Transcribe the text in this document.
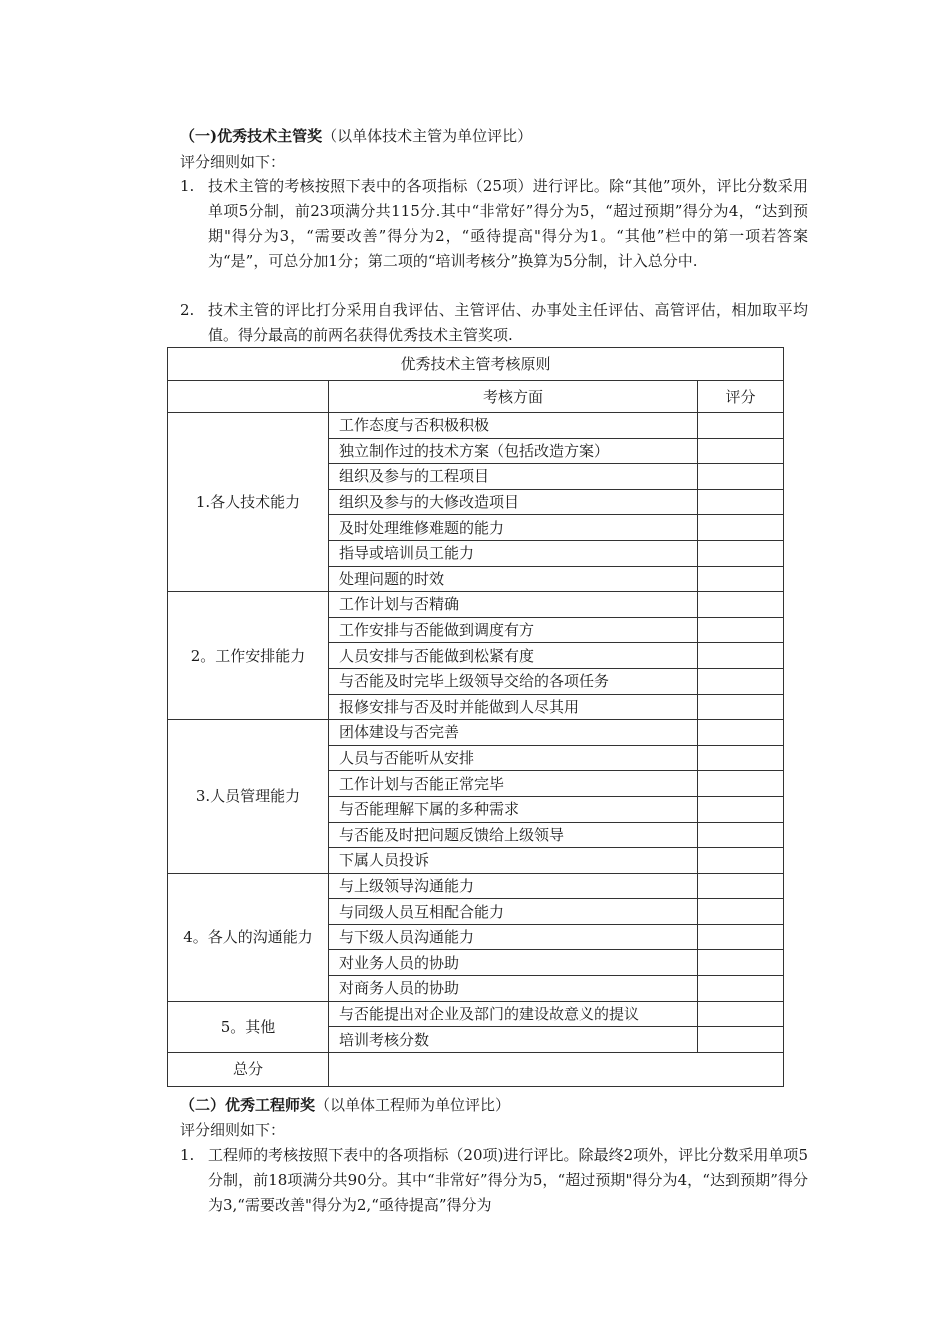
（一)优秀技术主管奖（以单体技术主管为单位评比）
评分细则如下：
1. 技术主管的考核按照下表中的各项指标（25项）进行评比。除“其他”项外，评比分数采用单项5分制，前23项满分共115分.其中“非常好”得分为5，“超过预期”得分为4，“达到预期"得分为3，“需要改善”得分为2，“亟待提高"得分为1。“其他”栏中的第一项若答案为“是”，可总分加1分；第二项的“培训考核分”换算为5分制，计入总分中.
2. 技术主管的评比打分采用自我评估、主管评估、办事处主任评估、高管评估，相加取平均值。得分最高的前两名获得优秀技术主管奖项.
优秀技术主管考核原则		
	考核方面	评分
1.各人技术能力	工作态度与否积极积极	
	独立制作过的技术方案（包括改造方案）	
	组织及参与的工程项目	
	组织及参与的大修改造项目	
	及时处理维修难题的能力	
	指导或培训员工能力	
	处理问题的时效	
2。工作安排能力	工作计划与否精确	
	工作安排与否能做到调度有方	
	人员安排与否能做到松紧有度	
	与否能及时完毕上级领导交给的各项任务	
	报修安排与否及时并能做到人尽其用	
3.人员管理能力	团体建设与否完善	
	人员与否能听从安排	
	工作计划与否能正常完毕	
	与否能理解下属的多种需求	
	与否能及时把问题反馈给上级领导	
	下属人员投诉	
4。各人的沟通能力	与上级领导沟通能力	
	与同级人员互相配合能力	
	与下级人员沟通能力	
	对业务人员的协助	
	对商务人员的协助	
5。其他	与否能提出对企业及部门的建设故意义的提议	
	培训考核分数	
总分		
（二）优秀工程师奖（以单体工程师为单位评比）
评分细则如下：
1. 工程师的考核按照下表中的各项指标（20项)进行评比。除最终2项外，评比分数采用单项5分制，前18项满分共90分。其中“非常好”得分为5，“超过预期"得分为4，“达到预期”得分为3,“需要改善"得分为2,“亟待提高”得分为
